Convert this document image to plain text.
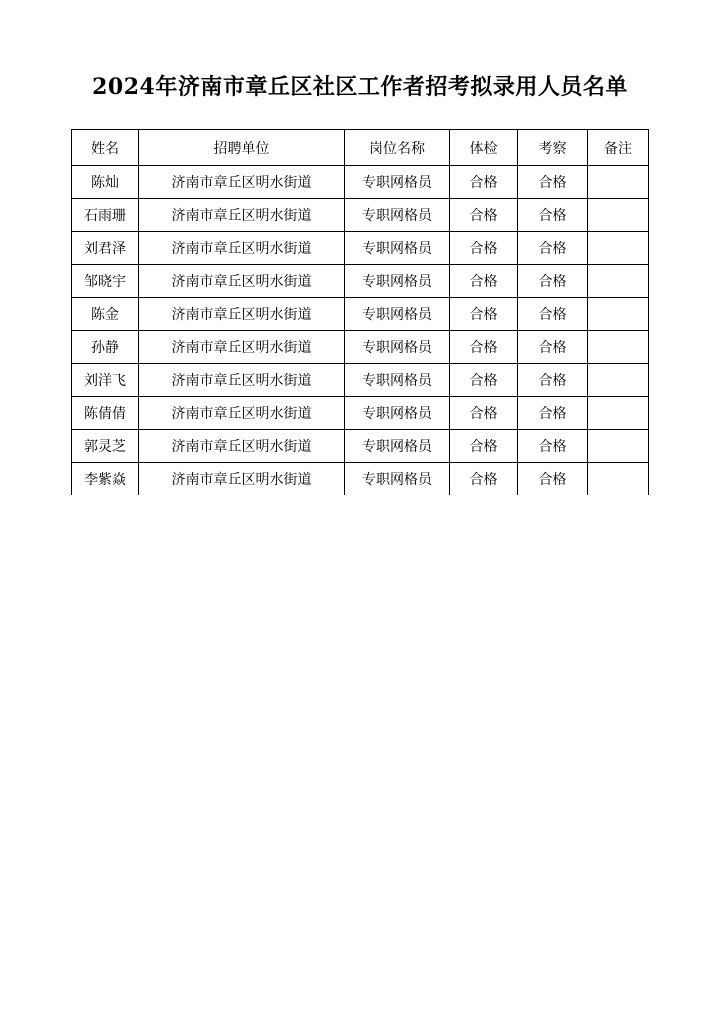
2024年济南市章丘区社区工作者招考拟录用人员名单
姓名	招聘单位	岗位名称	体检	考察	备注
陈灿	济南市章丘区明水街道	专职网格员	合格	合格	
石雨珊	济南市章丘区明水街道	专职网格员	合格	合格	
刘君泽	济南市章丘区明水街道	专职网格员	合格	合格	
邹晓宇	济南市章丘区明水街道	专职网格员	合格	合格	
陈金	济南市章丘区明水街道	专职网格员	合格	合格	
孙静	济南市章丘区明水街道	专职网格员	合格	合格	
刘洋飞	济南市章丘区明水街道	专职网格员	合格	合格	
陈倩倩	济南市章丘区明水街道	专职网格员	合格	合格	
郭灵芝	济南市章丘区明水街道	专职网格员	合格	合格	
李紫焱	济南市章丘区明水街道	专职网格员	合格	合格	
